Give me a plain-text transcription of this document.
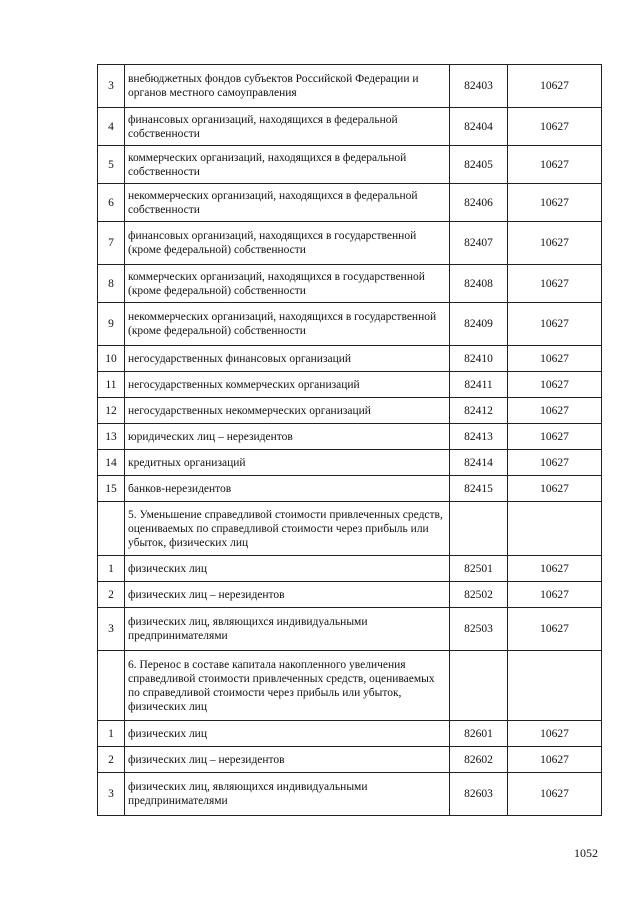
3	внебюджетных фондов субъектов Российской Федерации и органов местного самоуправления	82403	10627
4	финансовых организаций, находящихся в федеральной собственности	82404	10627
5	коммерческих организаций, находящихся в федеральной собственности	82405	10627
6	некоммерческих организаций, находящихся в федеральной собственности	82406	10627
7	финансовых организаций, находящихся в государственной (кроме федеральной) собственности	82407	10627
8	коммерческих организаций, находящихся в государственной (кроме федеральной) собственности	82408	10627
9	некоммерческих организаций, находящихся в государственной (кроме федеральной) собственности	82409	10627
10	негосударственных финансовых организаций	82410	10627
11	негосударственных коммерческих организаций	82411	10627
12	негосударственных некоммерческих организаций	82412	10627
13	юридических лиц – нерезидентов	82413	10627
14	кредитных организаций	82414	10627
15	банков-нерезидентов	82415	10627
	5. Уменьшение справедливой стоимости привлеченных средств, оцениваемых по справедливой стоимости через прибыль или убыток, физических лиц		
1	физических лиц	82501	10627
2	физических лиц – нерезидентов	82502	10627
3	физических лиц, являющихся индивидуальными предпринимателями	82503	10627
	6. Перенос в составе капитала накопленного увеличения справедливой стоимости привлеченных средств, оцениваемых по справедливой стоимости через прибыль или убыток, физических лиц		
1	физических лиц	82601	10627
2	физических лиц – нерезидентов	82602	10627
3	физических лиц, являющихся индивидуальными предпринимателями	82603	10627
1052
